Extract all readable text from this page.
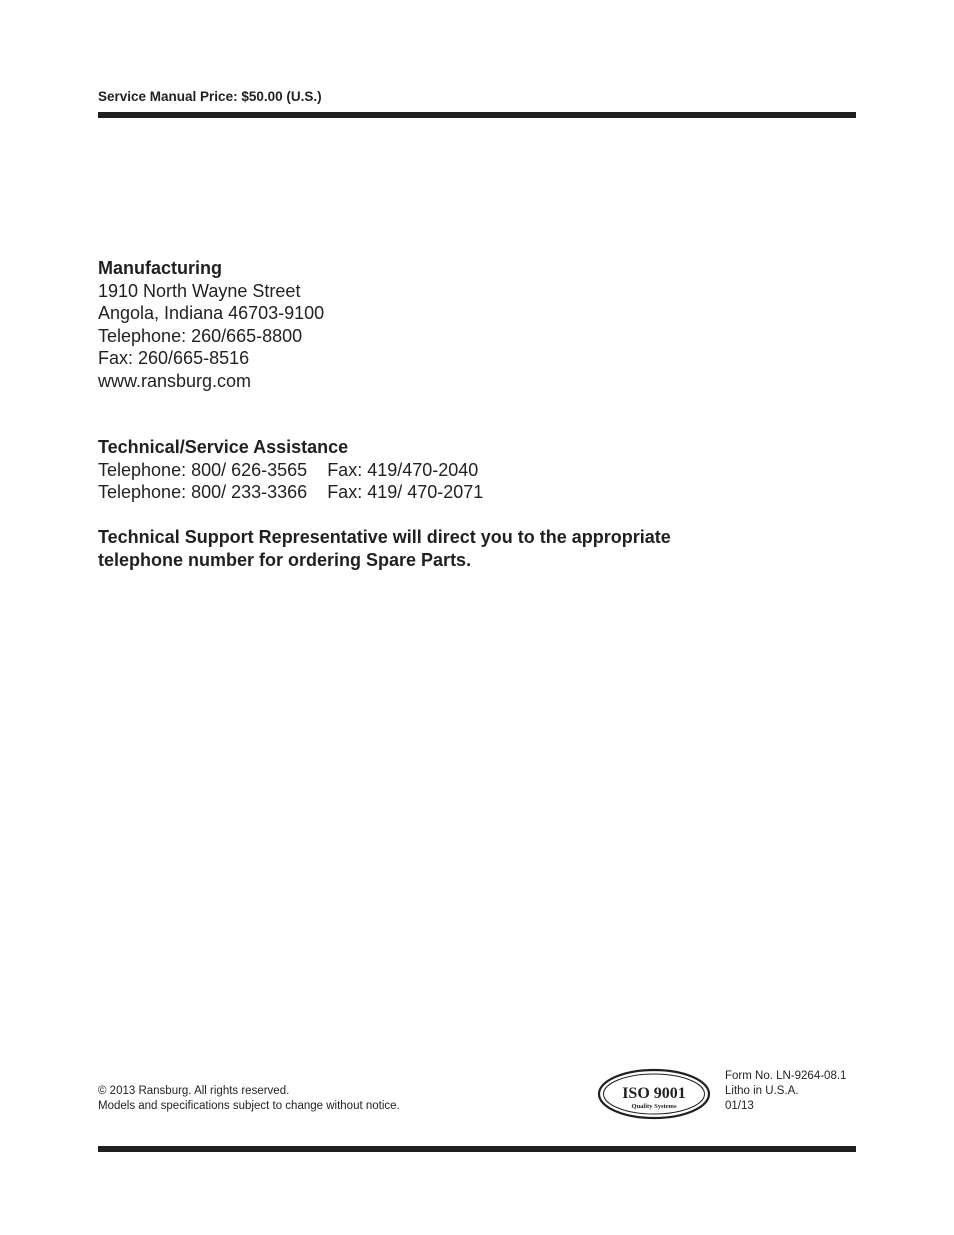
Service Manual Price: $50.00 (U.S.)
Manufacturing
1910 North Wayne Street
Angola, Indiana 46703-9100
Telephone: 260/665-8800
Fax: 260/665-8516
www.ransburg.com
Technical/Service Assistance
Telephone: 800/ 626-3565 Fax: 419/470-2040
Telephone: 800/ 233-3366 Fax: 419/ 470-2071
Technical Support Representative will direct you to the appropriate
telephone number for ordering Spare Parts.
© 2013 Ransburg. All rights reserved.
Models and specifications subject to change without notice.
ISO 9001
Quality Systems
Form No. LN-9264-08.1
Litho in U.S.A.
01/13
